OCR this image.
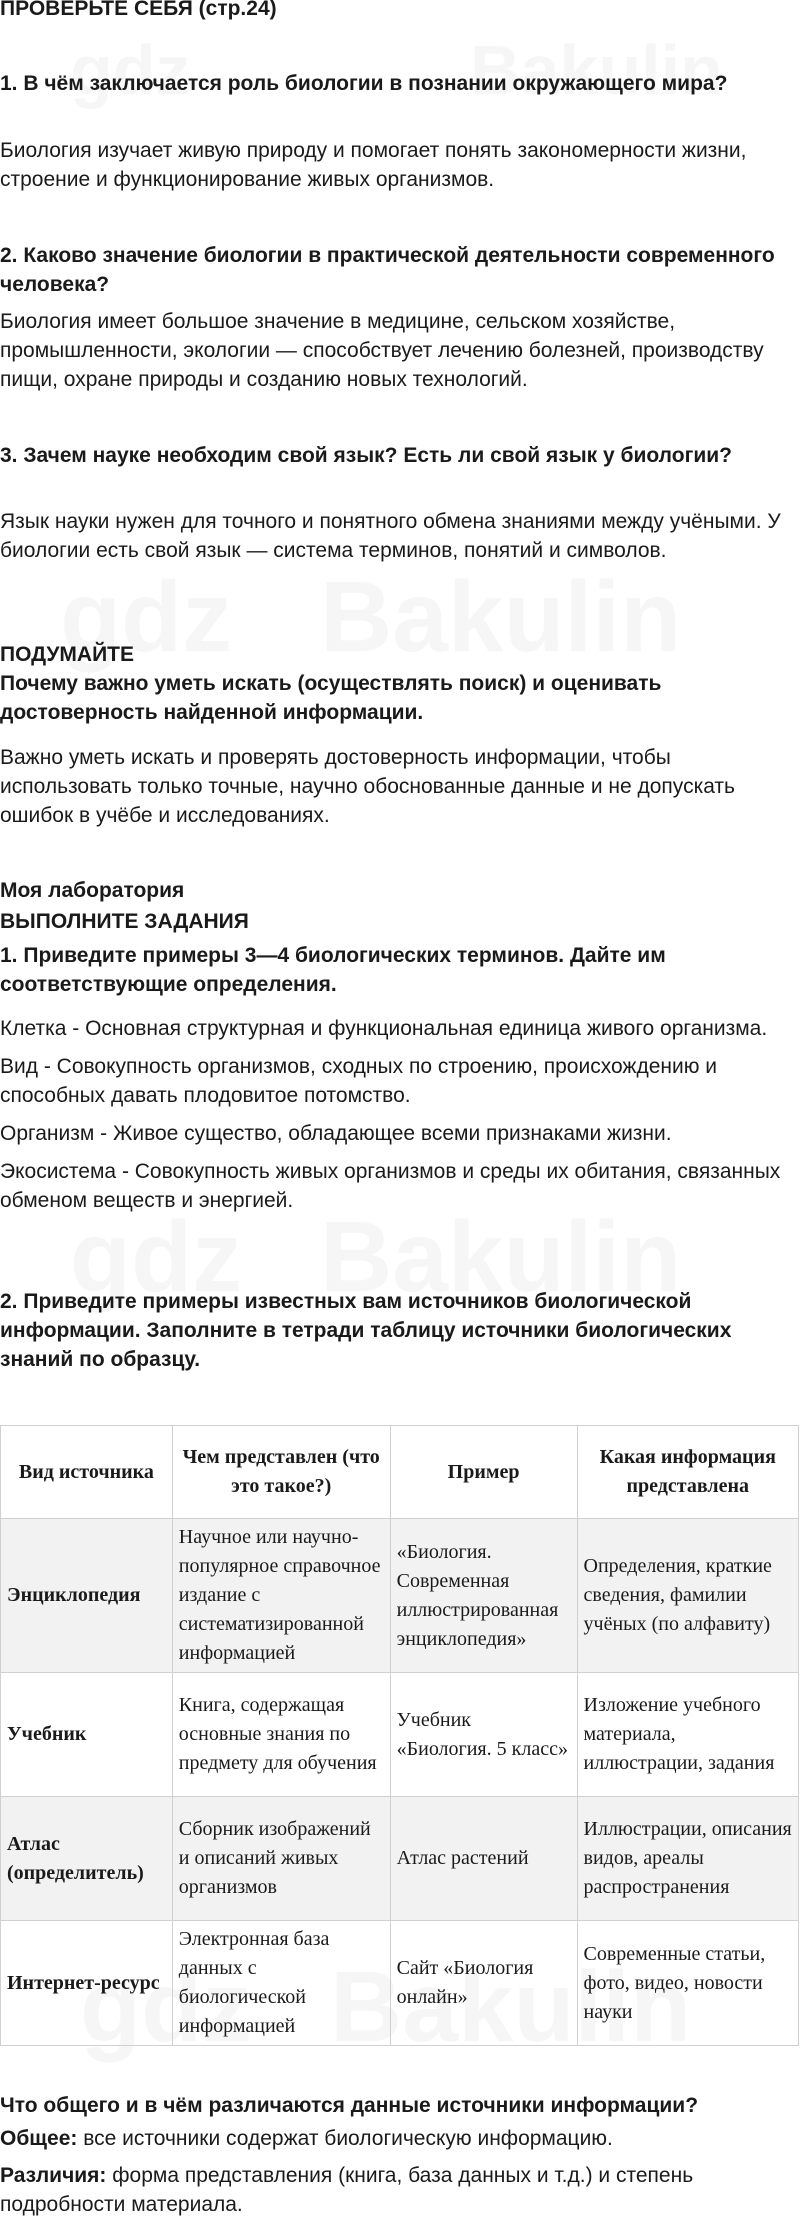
ПРОВЕРЬТЕ СЕБЯ (стр.24)

1. В чём заключается роль биологии в познании окружающего мира?

Биология изучает живую природу и помогает понять закономерности жизни, строение и функционирование живых организмов.

2. Каково значение биологии в практической деятельности современного человека?

Биология имеет большое значение в медицине, сельском хозяйстве, промышленности, экологии — способствует лечению болезней, производству пищи, охране природы и созданию новых технологий.

3. Зачем науке необходим свой язык? Есть ли свой язык у биологии?

Язык науки нужен для точного и понятного обмена знаниями между учёными. У биологии есть свой язык — система терминов, понятий и символов.

ПОДУМАЙТЕ

Почему важно уметь искать (осуществлять поиск) и оценивать достоверность найденной информации.

Важно уметь искать и проверять достоверность информации, чтобы использовать только точные, научно обоснованные данные и не допускать ошибок в учёбе и исследованиях.

Моя лаборатория

ВЫПОЛНИТЕ ЗАДАНИЯ

1. Приведите примеры 3—4 биологических терминов. Дайте им соответствующие определения.

Клетка - Основная структурная и функциональная единица живого организма.

Вид - Совокупность организмов, сходных по строению, происхождению и способных давать плодовитое потомство.

Организм - Живое существо, обладающее всеми признаками жизни.

Экосистема - Совокупность живых организмов и среды их обитания, связанных обменом веществ и энергией.

2. Приведите примеры известных вам источников биологической информации. Заполните в тетради таблицу источники биологических знаний по образцу.

Вид источника	Чем представлен (что это такое?)	Пример	Какая информация представлена
Энциклопедия	Научное или научно-популярное справочное издание с систематизированной информацией	«Биология. Современная иллюстрированная энциклопедия»	Определения, краткие сведения, фамилии учёных (по алфавиту)
Учебник	Книга, содержащая основные знания по предмету для обучения	Учебник «Биология. 5 класс»	Изложение учебного материала, иллюстрации, задания
Атлас (определитель)	Сборник изображений и описаний живых организмов	Атлас растений	Иллюстрации, описания видов, ареалы распространения
Интернет-ресурс	Электронная база данных с биологической информацией	Сайт «Биология онлайн»	Современные статьи, фото, видео, новости науки

Что общего и в чём различаются данные источники информации?

Общее: все источники содержат биологическую информацию.

Различия: форма представления (книга, база данных и т.д.) и степень подробности материала.
